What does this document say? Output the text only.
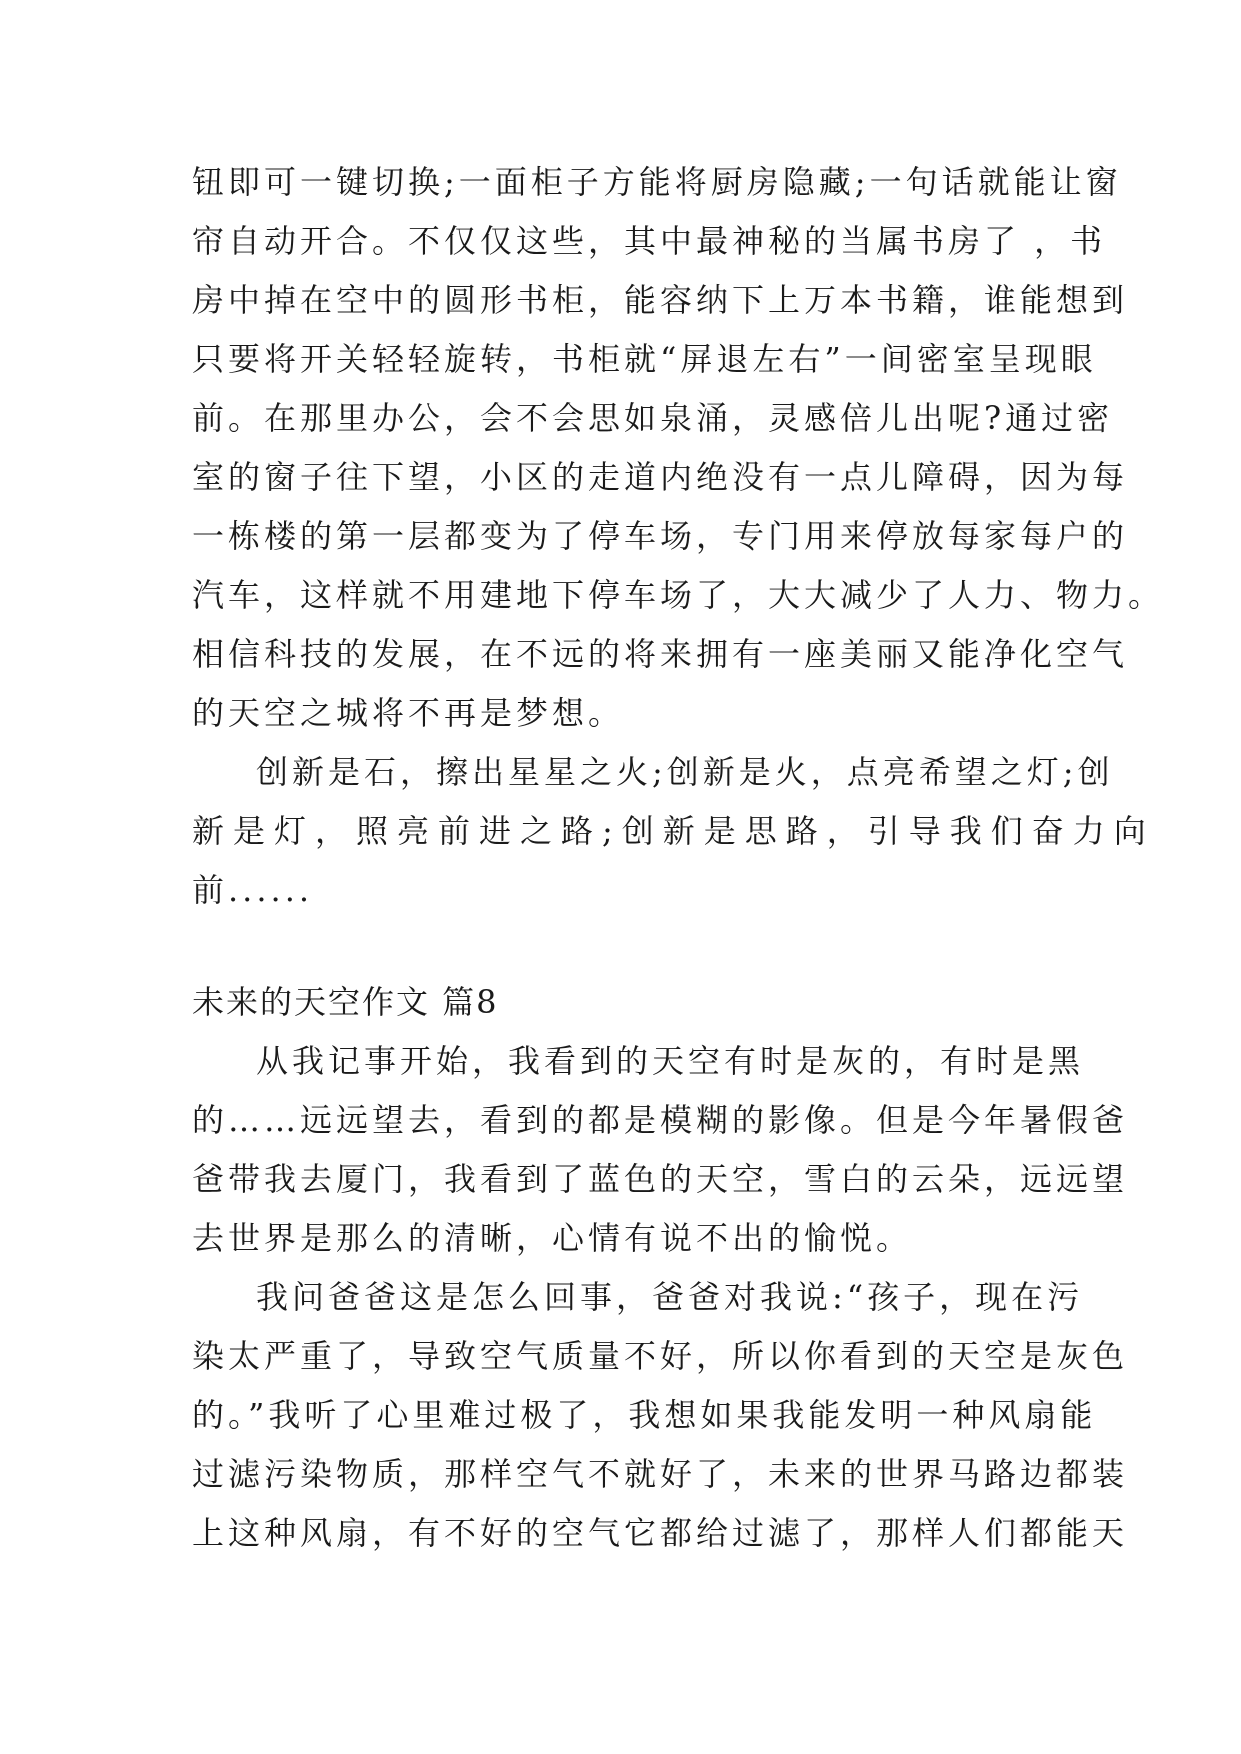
钮即可一键切换;一面柜子方能将厨房隐藏;一句话就能让窗
帘自动开合。不仅仅这些，其中最神秘的当属书房了 ，书
房中掉在空中的圆形书柜，能容纳下上万本书籍，谁能想到
只要将开关轻轻旋转，书柜就“屏退左右”一间密室呈现眼
前。在那里办公，会不会思如泉涌，灵感倍儿出呢?通过密
室的窗子往下望，小区的走道内绝没有一点儿障碍，因为每
一栋楼的第一层都变为了停车场，专门用来停放每家每户的
汽车，这样就不用建地下停车场了，大大减少了人力、物力。
相信科技的发展，在不远的将来拥有一座美丽又能净化空气
的天空之城将不再是梦想。
创新是石，擦出星星之火;创新是火，点亮希望之灯;创
新是灯，照亮前进之路;创新是思路，引导我们奋力向
前......
未来的天空作文 篇8
从我记事开始，我看到的天空有时是灰的，有时是黑
的……远远望去，看到的都是模糊的影像。但是今年暑假爸
爸带我去厦门，我看到了蓝色的天空，雪白的云朵，远远望
去世界是那么的清晰，心情有说不出的愉悦。
我问爸爸这是怎么回事，爸爸对我说:“孩子，现在污
染太严重了，导致空气质量不好，所以你看到的天空是灰色
的。”我听了心里难过极了，我想如果我能发明一种风扇能
过滤污染物质，那样空气不就好了，未来的世界马路边都装
上这种风扇，有不好的空气它都给过滤了，那样人们都能天
